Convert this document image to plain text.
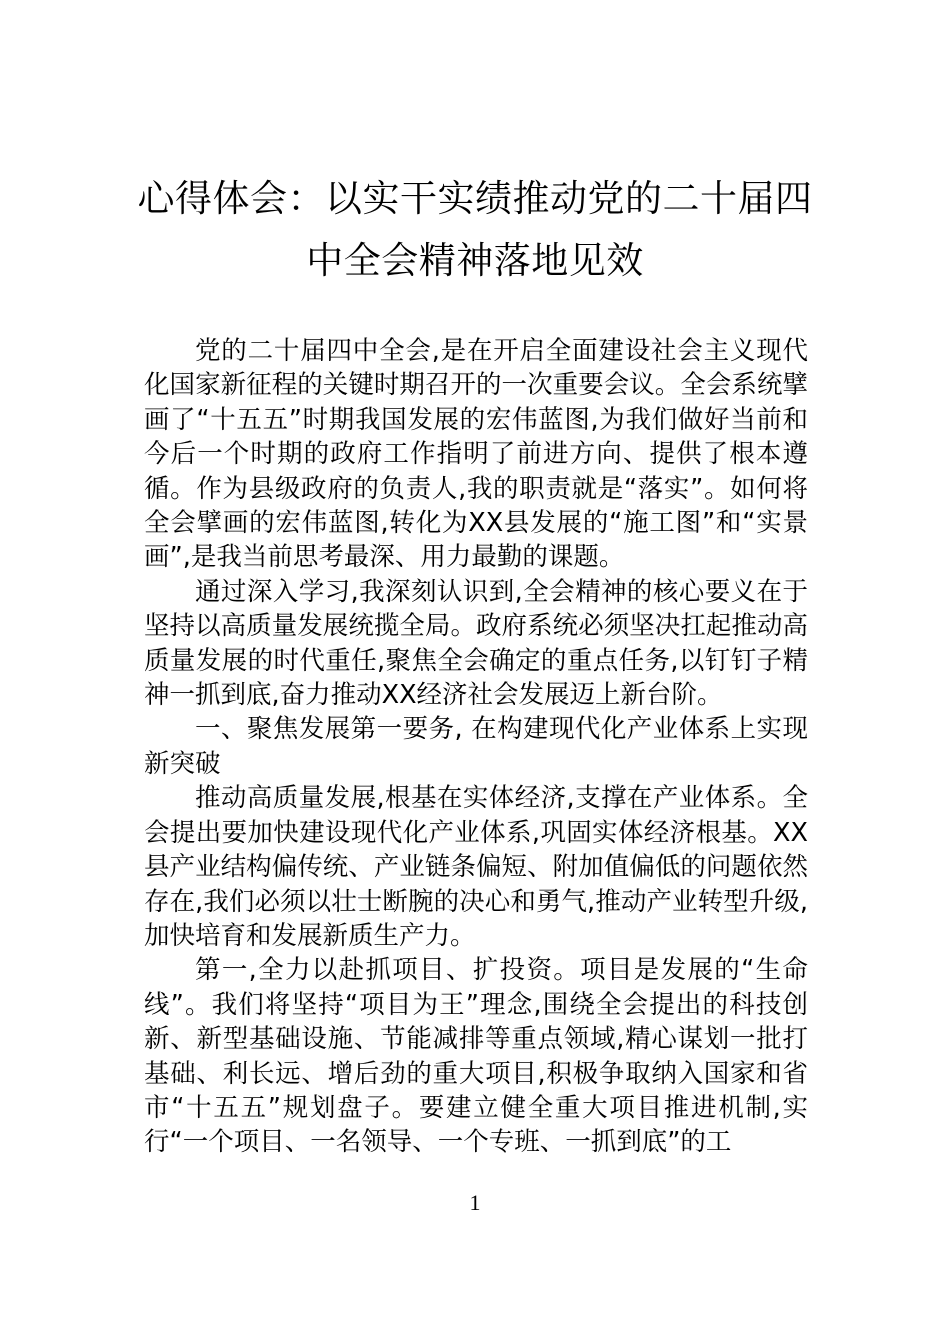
心得体会：以实干实绩推动党的二十届四
中全会精神落地见效

党的二十届四中全会,是在开启全面建设社会主义现代化国家新征程的关键时期召开的一次重要会议。全会系统擘画了“十五五”时期我国发展的宏伟蓝图,为我们做好当前和今后一个时期的政府工作指明了前进方向、提供了根本遵循。作为县级政府的负责人,我的职责就是“落实”。如何将全会擘画的宏伟蓝图,转化为XX县发展的“施工图”和“实景画”,是我当前思考最深、用力最勤的课题。

通过深入学习,我深刻认识到,全会精神的核心要义在于坚持以高质量发展统揽全局。政府系统必须坚决扛起推动高质量发展的时代重任,聚焦全会确定的重点任务,以钉钉子精神一抓到底,奋力推动XX经济社会发展迈上新台阶。

一、聚焦发展第一要务, 在构建现代化产业体系上实现新突破

推动高质量发展,根基在实体经济,支撑在产业体系。全会提出要加快建设现代化产业体系,巩固实体经济根基。XX县产业结构偏传统、产业链条偏短、附加值偏低的问题依然存在,我们必须以壮士断腕的决心和勇气,推动产业转型升级,加快培育和发展新质生产力。

第一,全力以赴抓项目、扩投资。项目是发展的“生命线”。我们将坚持“项目为王”理念,围绕全会提出的科技创新、新型基础设施、节能减排等重点领域,精心谋划一批打基础、利长远、增后劲的重大项目,积极争取纳入国家和省市“十五五”规划盘子。要建立健全重大项目推进机制,实行“一个项目、一名领导、一个专班、一抓到底”的工

1
